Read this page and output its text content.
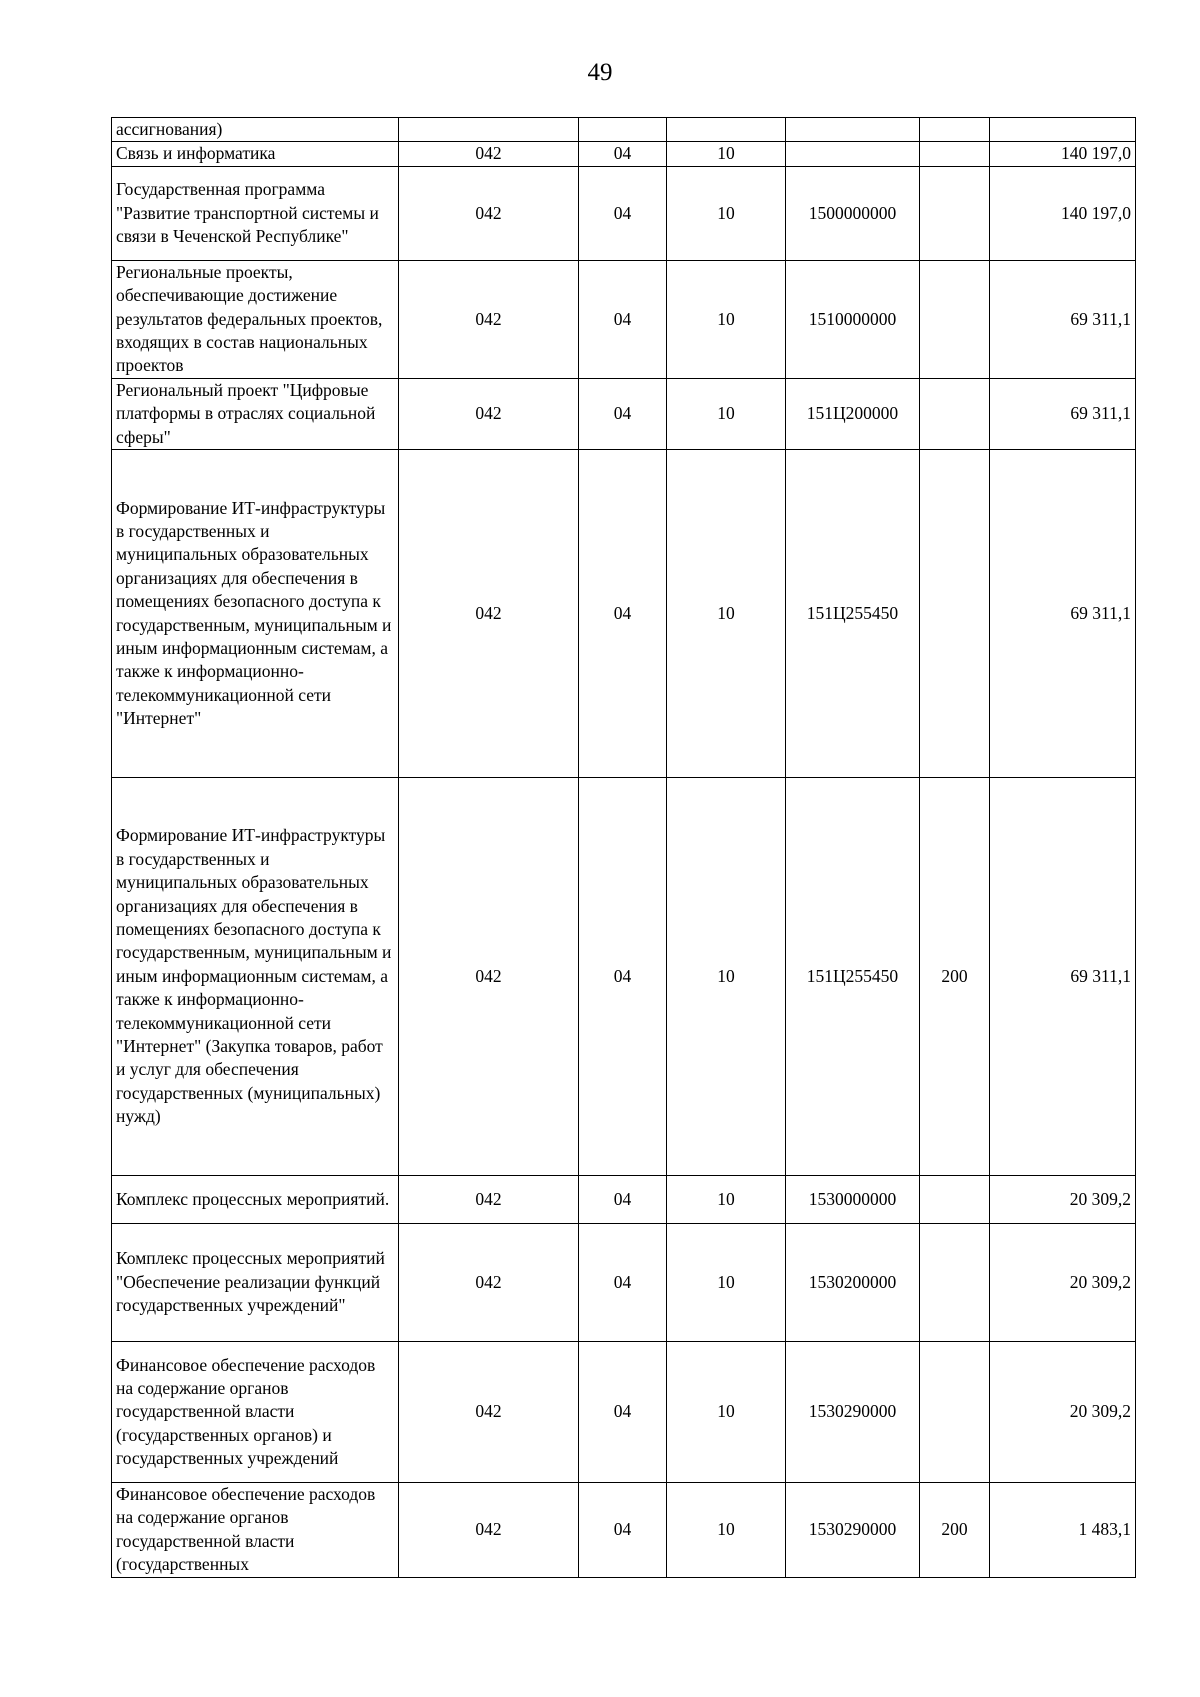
49
ассигнования)						
Связь и информатика	042	04	10			140 197,0
Государственная программа "Развитие транспортной системы и связи в Чеченской Республике"	042	04	10	1500000000		140 197,0
Региональные проекты, обеспечивающие достижение результатов федеральных проектов, входящих в состав национальных проектов	042	04	10	1510000000		69 311,1
Региональный проект "Цифровые платформы в отраслях социальной сферы"	042	04	10	151Ц200000		69 311,1
Формирование ИТ-инфраструктуры в государственных и муниципальных образовательных организациях для обеспечения в помещениях безопасного доступа к государственным, муниципальным и иным информационным системам, а также к информационно-телекоммуникационной сети "Интернет"	042	04	10	151Ц255450		69 311,1
Формирование ИТ-инфраструктуры в государственных и муниципальных образовательных организациях для обеспечения в помещениях безопасного доступа к государственным, муниципальным и иным информационным системам, а также к информационно-телекоммуникационной сети "Интернет" (Закупка товаров, работ и услуг для обеспечения государственных (муниципальных) нужд)	042	04	10	151Ц255450	200	69 311,1
Комплекс процессных мероприятий.	042	04	10	1530000000		20 309,2
Комплекс процессных мероприятий "Обеспечение реализации функций государственных учреждений"	042	04	10	1530200000		20 309,2
Финансовое обеспечение расходов на содержание органов государственной власти (государственных органов) и государственных учреждений	042	04	10	1530290000		20 309,2
Финансовое обеспечение расходов на содержание органов государственной власти (государственных	042	04	10	1530290000	200	1 483,1
